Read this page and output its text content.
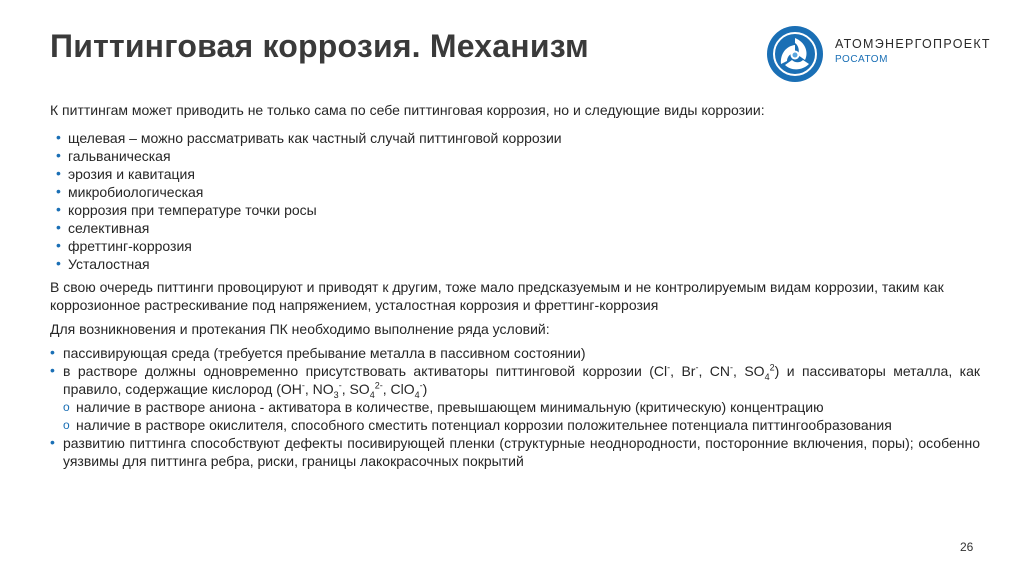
Питтинговая коррозия. Механизм	АТОМЭНЕРГОПРОЕКТ
РОСАТОМ

К питтингам может приводить не только сама по себе питтинговая коррозия, но и следующие виды коррозии:

• щелевая – можно рассматривать как частный случай питтинговой коррозии
• гальваническая
• эрозия и кавитация
• микробиологическая
• коррозия при температуре точки росы
• селективная
• фреттинг-коррозия
• Усталостная

В свою очередь питтинги провоцируют и приводят к другим, тоже мало предсказуемым и не контролируемым видам коррозии, таким как коррозионное растрескивание под напряжением, усталостная коррозия и фреттинг-коррозия

Для возникновения и протекания ПК необходимо выполнение ряда условий:

• пассивирующая среда (требуется пребывание металла в пассивном состоянии)
• в растворе должны одновременно присутствовать активаторы питтинговой коррозии (Cl-, Br-, CN-, $SO_4^2$) и пассиваторы металла, как правило, содержащие кислород (OH-, $NO_3^-$, $SO_4^{2-}$, ClO$_4$-)
o наличие в растворе аниона - активатора в количестве, превышающем минимальную (критическую) концентрацию
o наличие в растворе окислителя, способного сместить потенциал коррозии положительнее потенциала питтингообразования
• развитию питтинга способствуют дефекты посивирующей пленки (структурные неоднородности, посторонние включения, поры); особенно уязвимы для питтинга ребра, риски, границы лакокрасочных покрытий
26
